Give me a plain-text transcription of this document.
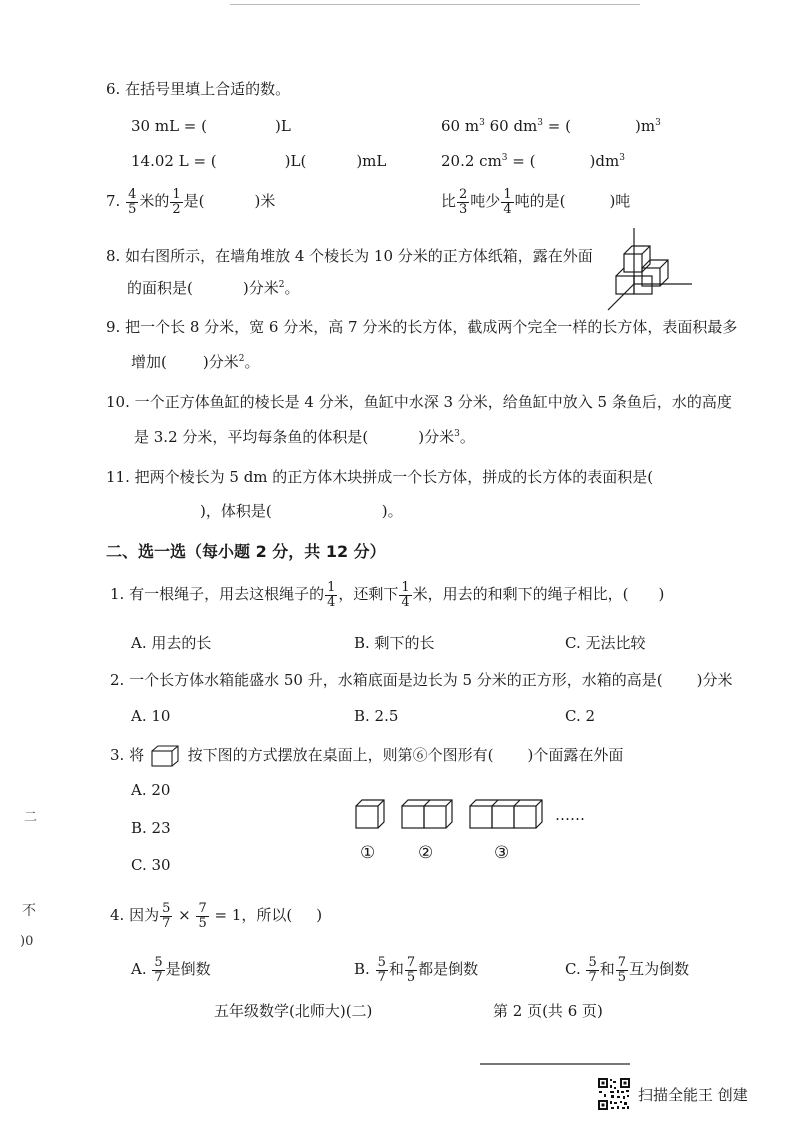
6. 在括号里填上合适的数。
30 mL = (	)L	60 $m^3$ 60 $dm^3$ = (	)$m^3$
14.02 L = (	)L(	)mL	20.2 $cm^3$ = (	)$dm^3$
7. $\frac{4}{5}$ 米的 $\frac{1}{2}$ 是(	)米	比 $\frac{2}{3}$ 吨少 $\frac{1}{4}$ 吨的是(	)吨
8. 如右图所示，在墙角堆放 4 个棱长为 10 分米的正方体纸箱，露在外面
的面积是(	)分米$^2$。
9. 把一个长 8 分米，宽 6 分米，高 7 分米的长方体，截成两个完全一样的长方体，表面积最多
增加( )分米$^2$。
10. 一个正方体鱼缸的棱长是 4 分米，鱼缸中水深 3 分米，给鱼缸中放入 5 条鱼后，水的高度
是 3.2 分米，平均每条鱼的体积是(	)分米$^3$。
11. 把两个棱长为 5 dm 的正方体木块拼成一个长方体，拼成的长方体的表面积是(
)，体积是(	)。
二、选一选（每小题 2 分，共 12 分）
1. 有一根绳子，用去这根绳子的 $\frac{1}{4}$ ，还剩下 $\frac{1}{4}$ 米，用去的和剩下的绳子相比，( )
A. 用去的长	B. 剩下的长	C. 无法比较
2. 一个长方体水箱能盛水 50 升，水箱底面是边长为 5 分米的正方形，水箱的高是( )分米
A. 10	B. 2.5	C. 2
3. 将	按下图的方式摆放在桌面上，则第⑥个图形有( )个面露在外面
A. 20
B. 23
C. 30
……
①	②	③
4. 因为 $\frac{5}{7} \times \frac{7}{5} = 1$，所以( )
A. $\frac{5}{7}$ 是倒数	B. $\frac{5}{7}$ 和 $\frac{7}{5}$ 都是倒数	C. $\frac{5}{7}$ 和 $\frac{7}{5}$ 互为倒数
五年级数学(北师大)(二)	第 2 页(共 6 页)
二
不
)0
扫描全能王 创建
